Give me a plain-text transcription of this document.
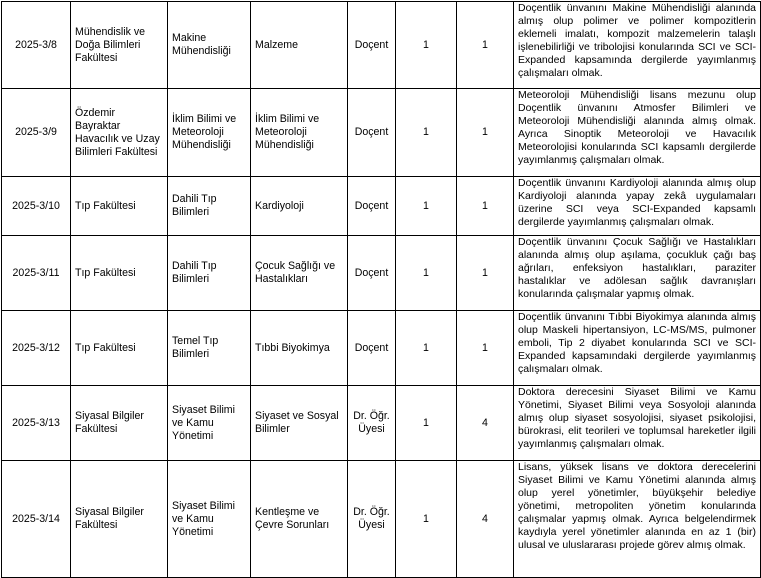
2025-3/8	Mühendislik ve Doğa Bilimleri Fakültesi	Makine Mühendisliği	Malzeme	Doçent	1	1	Doçentlik ünvanını Makine Mühendisliği alanında almış olup polimer ve polimer kompozitlerin eklemeli imalatı, kompozit malzemelerin talaşlı işlenebilirliği ve tribolojisi konularında SCI ve SCI-Expanded kapsamında dergilerde yayımlanmış çalışmaları olmak.
2025-3/9	Özdemir Bayraktar Havacılık ve Uzay Bilimleri Fakültesi	İklim Bilimi ve Meteoroloji Mühendisliği	İklim Bilimi ve Meteoroloji Mühendisliği	Doçent	1	1	Meteoroloji Mühendisliği lisans mezunu olup Doçentlik ünvanını Atmosfer Bilimleri ve Meteoroloji Mühendisliği alanında almış olmak. Ayrıca Sinoptik Meteoroloji ve Havacılık Meteorolojisi konularında SCI kapsamlı dergilerde yayımlanmış çalışmaları olmak.
2025-3/10	Tıp Fakültesi	Dahili Tıp Bilimleri	Kardiyoloji	Doçent	1	1	Doçentlik ünvanını Kardiyoloji alanında almış olup Kardiyoloji alanında yapay zekâ uygulamaları üzerine SCI veya SCI-Expanded kapsamlı dergilerde yayımlanmış çalışmaları olmak.
2025-3/11	Tıp Fakültesi	Dahili Tıp Bilimleri	Çocuk Sağlığı ve Hastalıkları	Doçent	1	1	Doçentlik ünvanını Çocuk Sağlığı ve Hastalıkları alanında almış olup aşılama, çocukluk çağı baş ağrıları, enfeksiyon hastalıkları, paraziter hastalıklar ve adölesan sağlık davranışları konularında çalışmalar yapmış olmak.
2025-3/12	Tıp Fakültesi	Temel Tıp Bilimleri	Tıbbi Biyokimya	Doçent	1	1	Doçentlik ünvanını Tıbbi Biyokimya alanında almış olup Maskeli hipertansiyon, LC-MS/MS, pulmoner emboli, Tip 2 diyabet konularında SCI ve SCI-Expanded kapsamındaki dergilerde yayımlanmış çalışmaları olmak.
2025-3/13	Siyasal Bilgiler Fakültesi	Siyaset Bilimi ve Kamu Yönetimi	Siyaset ve Sosyal Bilimler	Dr. Öğr. Üyesi	1	4	Doktora derecesini Siyaset Bilimi ve Kamu Yönetimi, Siyaset Bilimi veya Sosyoloji alanında almış olup siyaset sosyolojisi, siyaset psikolojisi, bürokrasi, elit teorileri ve toplumsal hareketler ilgili yayımlanmış çalışmaları olmak.
2025-3/14	Siyasal Bilgiler Fakültesi	Siyaset Bilimi ve Kamu Yönetimi	Kentleşme ve Çevre Sorunları	Dr. Öğr. Üyesi	1	4	Lisans, yüksek lisans ve doktora derecelerini Siyaset Bilimi ve Kamu Yönetimi alanında almış olup yerel yönetimler, büyükşehir belediye yönetimi, metropoliten yönetim konularında çalışmalar yapmış olmak. Ayrıca belgelendirmek kaydıyla yerel yönetimler alanında en az 1 (bir) ulusal ve uluslararası projede görev almış olmak.
